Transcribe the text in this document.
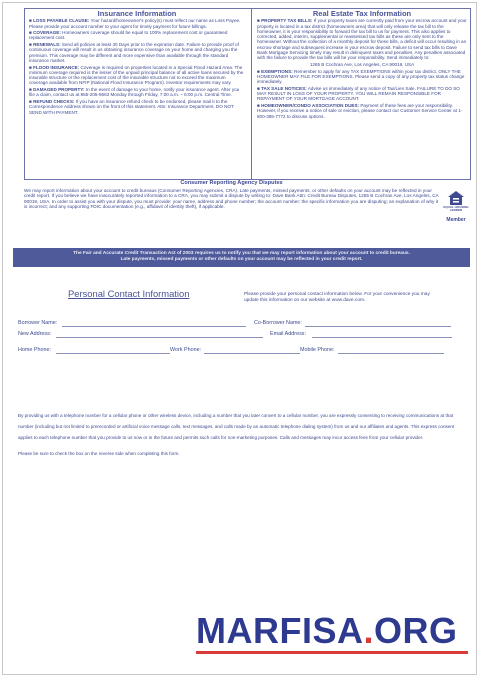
Insurance Information

■ LOSS PAYABLE CLAUSE: Your hazard/homeowner's policy(s) must reflect our name as Loss Payee. Please provide your account number to your agent for timely payment for future billings.

■ COVERAGE: Homeowners coverage should be equal to 100% replacement cost or guaranteed replacement cost.

■ RENEWALS: Send all policies at least 30 Days prior to the expiration date. Failure to provide proof of continuous coverage will result in us obtaining insurance coverage on your home and charging you the premium. This coverage may be different and more expensive than available through the standard insurance market.

■ FLOOD INSURANCE: Coverage is required on properties located in a Special Flood Hazard Area. The minimum coverage required is the lesser of the unpaid principal balance of all active loans secured by the insurable structure or the replacement cost of the insurable structure not to exceed the maximum coverage available from NFIP (National Flood Insurance Program). Investor requirements may vary.

■ DAMAGED PROPERTY: In the event of damage to your home, notify your insurance agent. After you file a claim, contact us at 855-205-8663 Monday through Friday, 7:00 a.m. – 6:00 p.m. Central Time.

■ REFUND CHECKS: If you have an insurance refund check to be endorsed, please mail it to the Correspondence Address shown on the front of this statement. Attn: Insurance Department. DO NOT SEND WITH PAYMENT.

Real Estate Tax Information

■ PROPERTY TAX BILLS: If your property taxes are currently paid from your escrow account and your property is located in a tax district (homeowners area) that will only release the tax bill to the homeowner, it is your responsibility to forward the tax bill to us for payment. This also applies to corrected, added, interim, supplemental or reassessed tax bills as these are only sent to the homeowner. Without the collection of a monthly deposit for these bills, a deficit will occur resulting in an escrow shortage and subsequent increase in your escrow deposit. Failure to send tax bills to Dave Bank Mortgage Servicing timely may result in delinquent taxes and penalties. Any penalties associated with the failure to provide the tax bills will be your responsibility. Send immediately to:

1265 B Cochran Ave, Los Angeles, CA 90019, USA

■ EXEMPTIONS: Remember to apply for any TAX EXEMPTIONS within your tax district. ONLY THE HOMEOWNER MAY FILE FOR EXEMPTIONS. Please send a copy of any property tax status change immediately.

■ TAX SALE NOTICES: Advise us immediately of any notice of Tax/Lien Sale. FAILURE TO DO SO MAY RESULT IN LOSS OF YOUR PROPERTY. YOU WILL REMAIN RESPONSIBLE FOR REPAYMENT OF YOUR MORTGAGE ACCOUNT.

■ HOMEOWNER/CONDO ASSOCIATION DUES: Payment of these fees are your responsibility. However, if you receive a notice of sale or eviction, please contact our Customer Service Center at 1-800-365-7772 to discuss options.

Consumer Reporting Agency Disputes

We may report information about your account to credit bureaus (Consumer Reporting Agencies, CRA). Late payments, missed payments, or other defaults on your account may be reflected in your credit report. If you believe we have inaccurately reported information to a CRA, you may submit a dispute by writing to: Dave Bank Attn: Credit Bureau Disputes, 1265 B Cochran Ave, Los Angeles, CA 90019, USA. In order to assist you with your dispute, you must provide: your name, address and phone number; the account number; the specific information you are disputing; an explanation of why it is incorrect; and any supporting FDIC documentation (e.g., affidavit of identity theft), if applicable.	EQUAL HOUSING
LENDER
Member
The Fair and Accurate Credit Transaction Act of 2003 requires us to notify you that we may report information about your account to credit bureaus.
Late payments, missed payments or other defaults on your account may be reflected in your credit report.
Personal Contact Information	Please provide your personal contact information below. For your convenience you may update this information on our website at www.dave.com.
Borrower Name:	Co-Borrower Name:
New Address:	Email Address:
Home Phone:	Work Phone:	Mobile Phone:

By providing us with a telephone number for a cellular phone or other wireless device, including a number that you later convert to a cellular number, you are expressly consenting to receiving communications at that number (including but not limited to prerecorded or artificial voice message calls, text messages, and calls made by an automatic telephone dialing system) from us and our affiliates and agents. This express consent applies to each telephone number that you provide to us now or in the future and permits such calls for non-marketing purposes. Calls and messages may incur access fees from your cellular provider.

Please be sure to check the box on the reverse side when completing this form.
MARFISA.ORG
